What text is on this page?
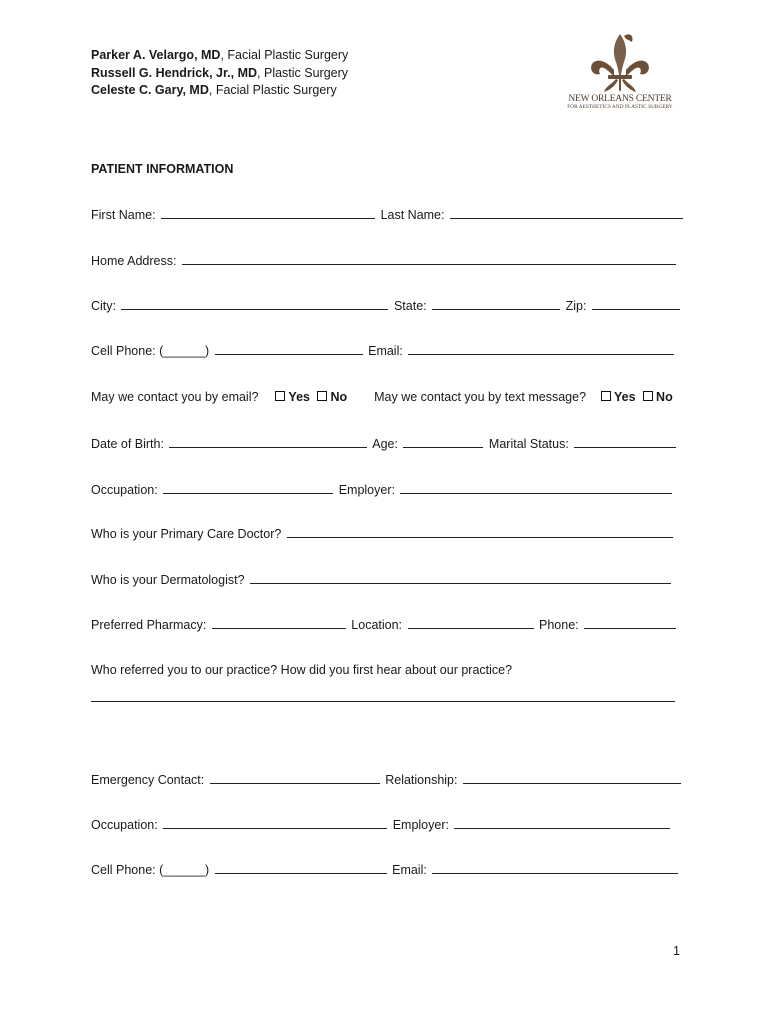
Parker A. Velargo, MD, Facial Plastic Surgery
Russell G. Hendrick, Jr., MD, Plastic Surgery
Celeste C. Gary, MD, Facial Plastic Surgery
NEW ORLEANS CENTER
FOR AESTHETICS AND PLASTIC SURGERY
PATIENT INFORMATION
First Name:	Last Name:
Home Address:
City:	State:	Zip:
Cell Phone: (______)	Email:
May we contact you by email? Yes No May we contact you by text message? Yes No
Date of Birth:	Age:	Marital Status:
Occupation:	Employer:
Who is your Primary Care Doctor?
Who is your Dermatologist?
Preferred Pharmacy:	Location:	Phone:
Who referred you to our practice? How did you first hear about our practice?
Emergency Contact:	Relationship:
Occupation:	Employer:
Cell Phone: (______)	Email:
1
